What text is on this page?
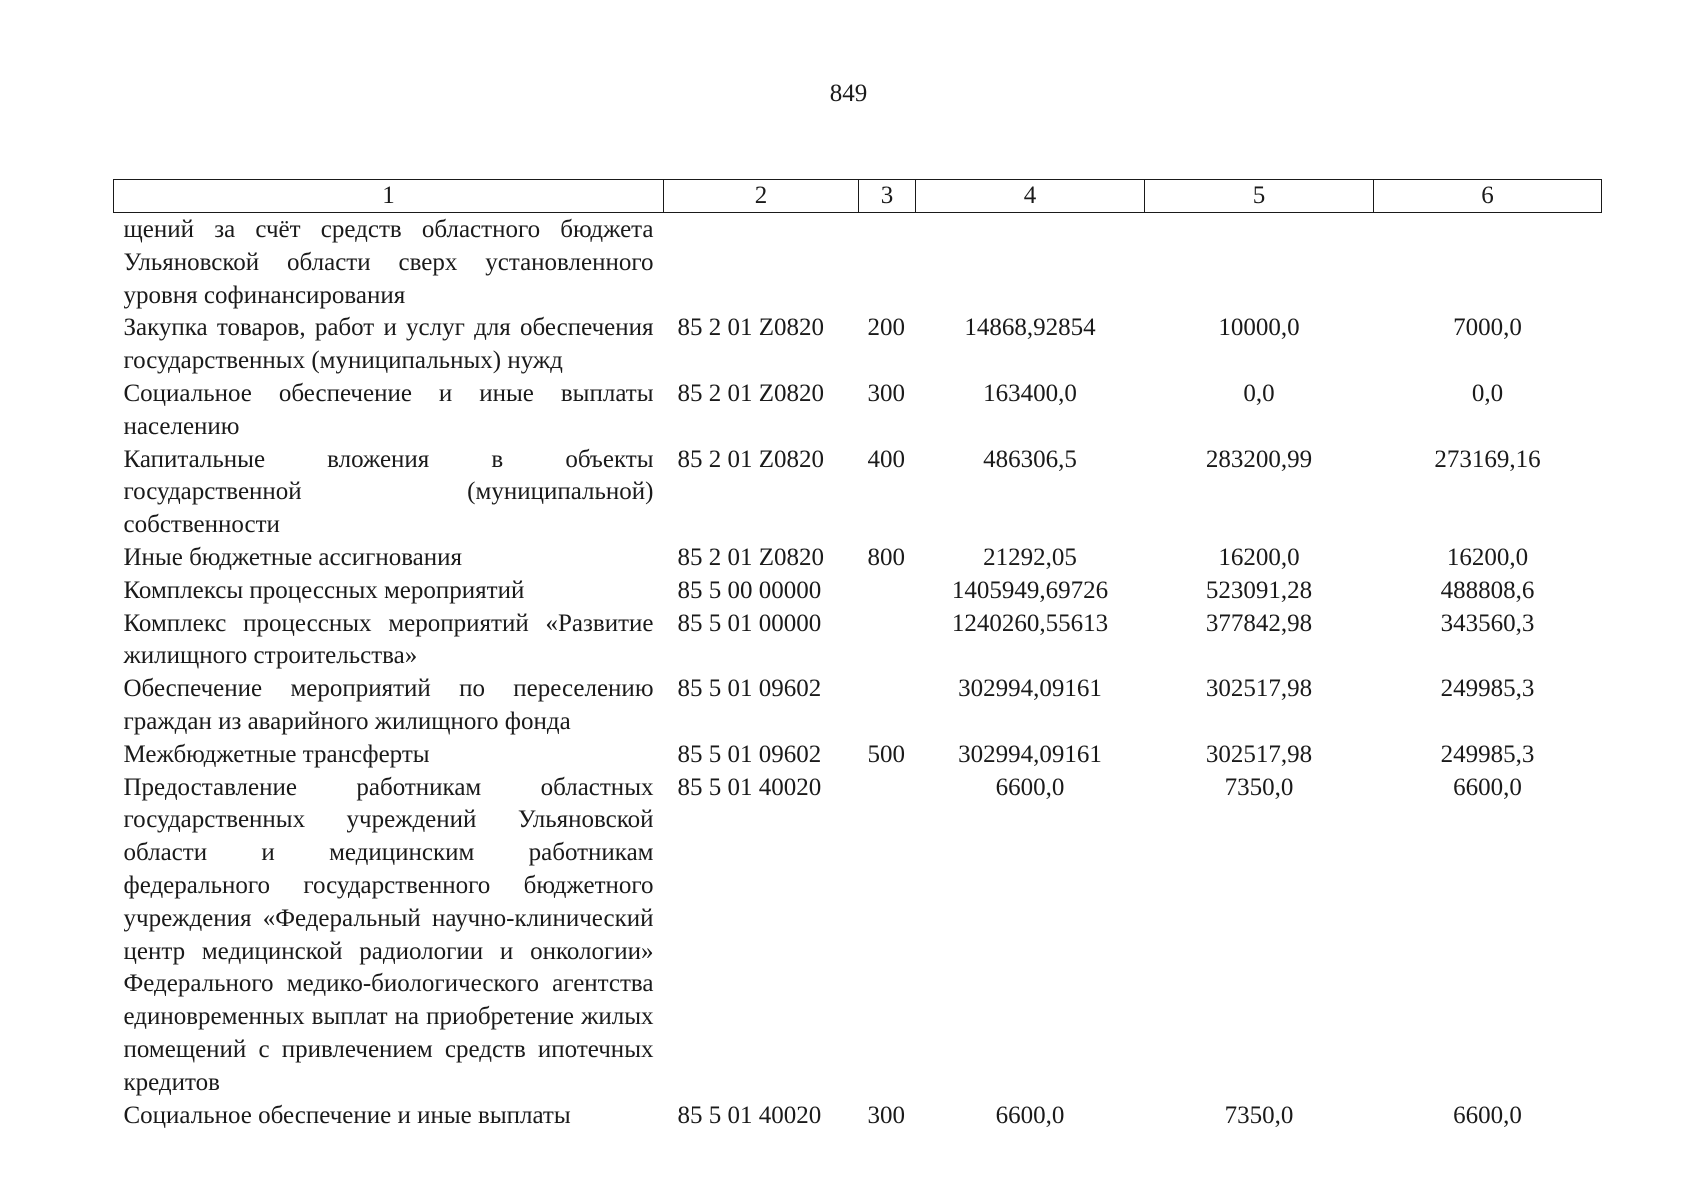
849
1	2	3	4	5	6
щений за счёт средств областного бюджета Ульяновской области сверх установленного уровня софинансирования					
Закупка товаров, работ и услуг для обеспечения государственных (муниципальных) нужд	85 2 01 Z0820	200	14868,92854	10000,0	7000,0
Социальное обеспечение и иные выплаты населению	85 2 01 Z0820	300	163400,0	0,0	0,0
Капитальные вложения в объекты государственной (муниципальной) собственности	85 2 01 Z0820	400	486306,5	283200,99	273169,16
Иные бюджетные ассигнования	85 2 01 Z0820	800	21292,05	16200,0	16200,0
Комплексы процессных мероприятий	85 5 00 00000		1405949,69726	523091,28	488808,6
Комплекс процессных мероприятий «Развитие жилищного строительства»	85 5 01 00000		1240260,55613	377842,98	343560,3
Обеспечение мероприятий по переселению граждан из аварийного жилищного фонда	85 5 01 09602		302994,09161	302517,98	249985,3
Межбюджетные трансферты	85 5 01 09602	500	302994,09161	302517,98	249985,3
Предоставление работникам областных государственных учреждений Ульяновской области и медицинским работникам федерального государственного бюджетного учреждения «Федеральный научно-клинический центр медицинской радиологии и онкологии» Федерального медико-биологического агентства единовременных выплат на приобретение жилых помещений с привлечением средств ипотечных кредитов	85 5 01 40020		6600,0	7350,0	6600,0
Социальное обеспечение и иные выплаты	85 5 01 40020	300	6600,0	7350,0	6600,0
